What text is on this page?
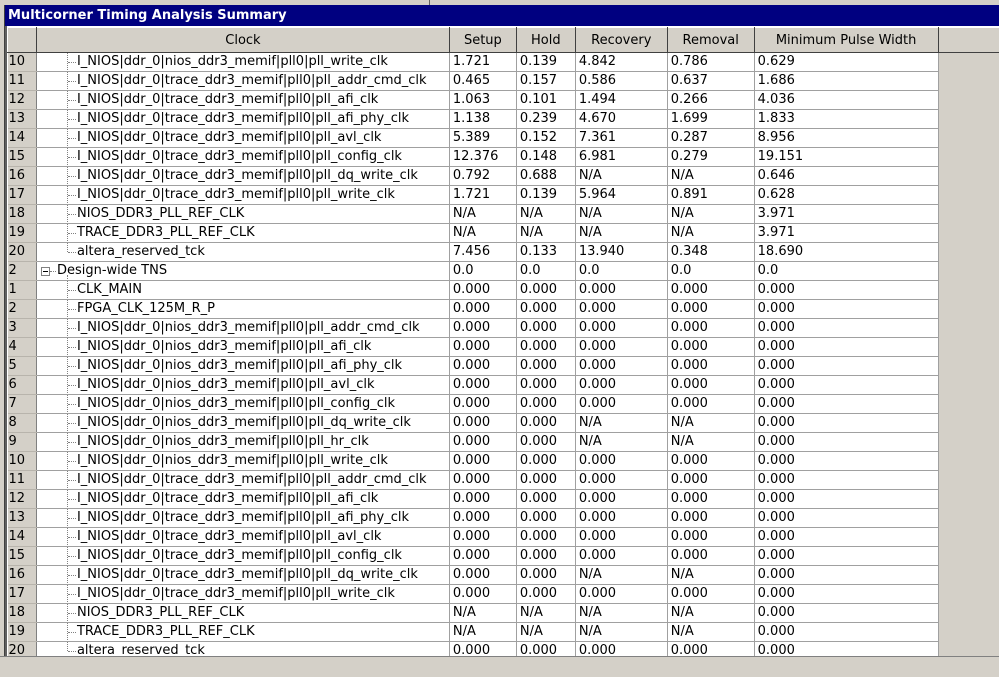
Multicorner Timing Analysis Summary
	Clock	Setup	Hold	Recovery	Removal	Minimum Pulse Width	
10	I_NIOS|ddr_0|nios_ddr3_memif|pll0|pll_write_clk	1.721	0.139	4.842	0.786	0.629	
11	I_NIOS|ddr_0|trace_ddr3_memif|pll0|pll_addr_cmd_clk	0.465	0.157	0.586	0.637	1.686	
12	I_NIOS|ddr_0|trace_ddr3_memif|pll0|pll_afi_clk	1.063	0.101	1.494	0.266	4.036	
13	I_NIOS|ddr_0|trace_ddr3_memif|pll0|pll_afi_phy_clk	1.138	0.239	4.670	1.699	1.833	
14	I_NIOS|ddr_0|trace_ddr3_memif|pll0|pll_avl_clk	5.389	0.152	7.361	0.287	8.956	
15	I_NIOS|ddr_0|trace_ddr3_memif|pll0|pll_config_clk	12.376	0.148	6.981	0.279	19.151	
16	I_NIOS|ddr_0|trace_ddr3_memif|pll0|pll_dq_write_clk	0.792	0.688	N/A	N/A	0.646	
17	I_NIOS|ddr_0|trace_ddr3_memif|pll0|pll_write_clk	1.721	0.139	5.964	0.891	0.628	
18	NIOS_DDR3_PLL_REF_CLK	N/A	N/A	N/A	N/A	3.971	
19	TRACE_DDR3_PLL_REF_CLK	N/A	N/A	N/A	N/A	3.971	
20	altera_reserved_tck	7.456	0.133	13.940	0.348	18.690	
2	Design-wide TNS	0.0	0.0	0.0	0.0	0.0	
1	CLK_MAIN	0.000	0.000	0.000	0.000	0.000	
2	FPGA_CLK_125M_R_P	0.000	0.000	0.000	0.000	0.000	
3	I_NIOS|ddr_0|nios_ddr3_memif|pll0|pll_addr_cmd_clk	0.000	0.000	0.000	0.000	0.000	
4	I_NIOS|ddr_0|nios_ddr3_memif|pll0|pll_afi_clk	0.000	0.000	0.000	0.000	0.000	
5	I_NIOS|ddr_0|nios_ddr3_memif|pll0|pll_afi_phy_clk	0.000	0.000	0.000	0.000	0.000	
6	I_NIOS|ddr_0|nios_ddr3_memif|pll0|pll_avl_clk	0.000	0.000	0.000	0.000	0.000	
7	I_NIOS|ddr_0|nios_ddr3_memif|pll0|pll_config_clk	0.000	0.000	0.000	0.000	0.000	
8	I_NIOS|ddr_0|nios_ddr3_memif|pll0|pll_dq_write_clk	0.000	0.000	N/A	N/A	0.000	
9	I_NIOS|ddr_0|nios_ddr3_memif|pll0|pll_hr_clk	0.000	0.000	N/A	N/A	0.000	
10	I_NIOS|ddr_0|nios_ddr3_memif|pll0|pll_write_clk	0.000	0.000	0.000	0.000	0.000	
11	I_NIOS|ddr_0|trace_ddr3_memif|pll0|pll_addr_cmd_clk	0.000	0.000	0.000	0.000	0.000	
12	I_NIOS|ddr_0|trace_ddr3_memif|pll0|pll_afi_clk	0.000	0.000	0.000	0.000	0.000	
13	I_NIOS|ddr_0|trace_ddr3_memif|pll0|pll_afi_phy_clk	0.000	0.000	0.000	0.000	0.000	
14	I_NIOS|ddr_0|trace_ddr3_memif|pll0|pll_avl_clk	0.000	0.000	0.000	0.000	0.000	
15	I_NIOS|ddr_0|trace_ddr3_memif|pll0|pll_config_clk	0.000	0.000	0.000	0.000	0.000	
16	I_NIOS|ddr_0|trace_ddr3_memif|pll0|pll_dq_write_clk	0.000	0.000	N/A	N/A	0.000	
17	I_NIOS|ddr_0|trace_ddr3_memif|pll0|pll_write_clk	0.000	0.000	0.000	0.000	0.000	
18	NIOS_DDR3_PLL_REF_CLK	N/A	N/A	N/A	N/A	0.000	
19	TRACE_DDR3_PLL_REF_CLK	N/A	N/A	N/A	N/A	0.000	
20	altera_reserved_tck	0.000	0.000	0.000	0.000	0.000	
